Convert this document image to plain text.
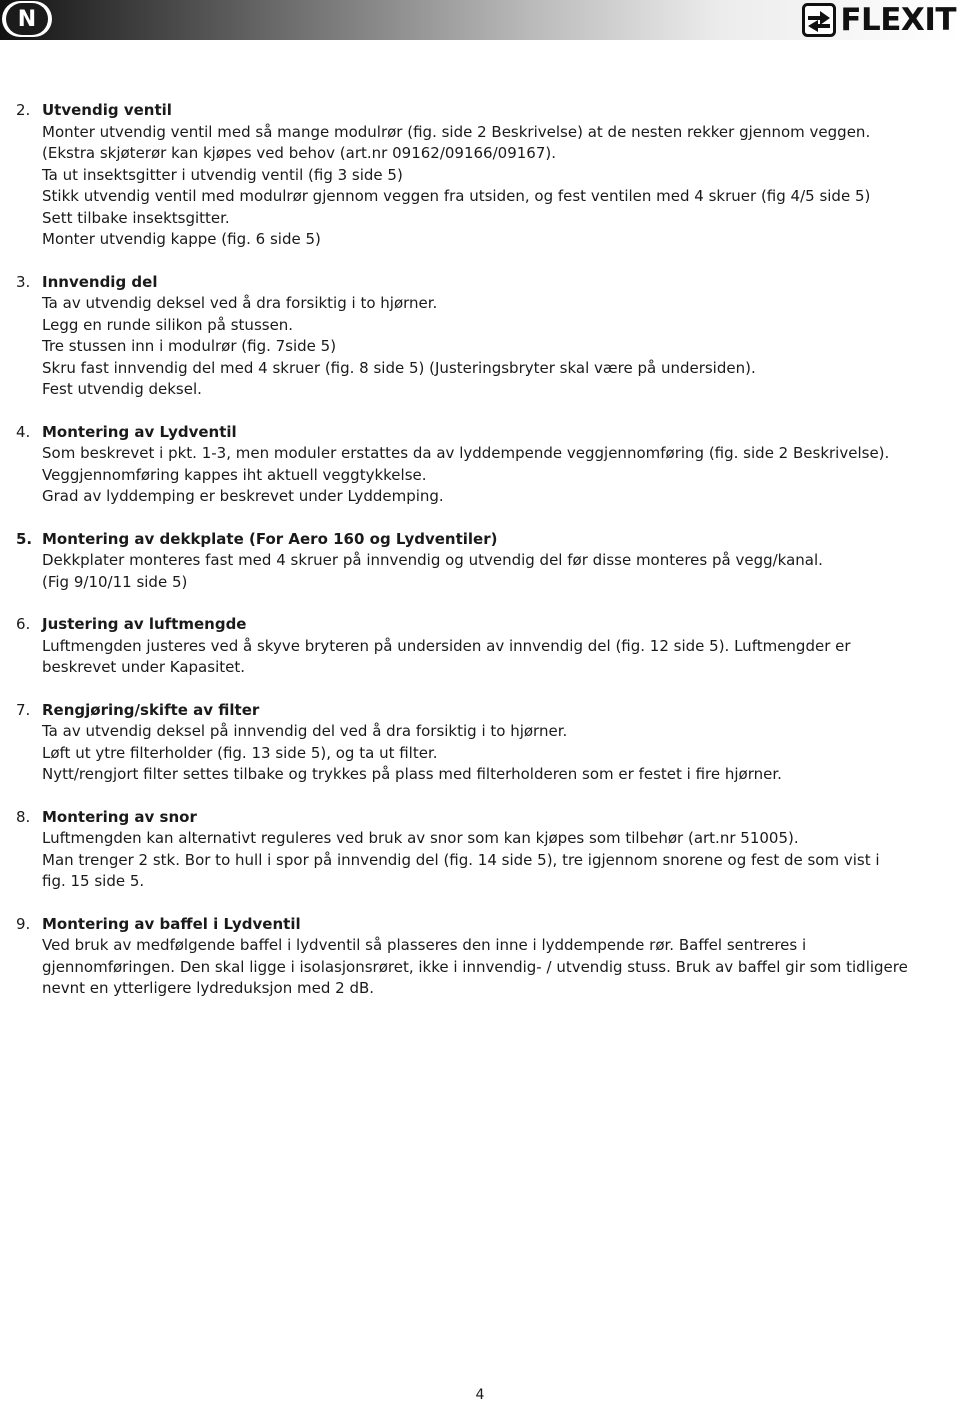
N	FLEXIT
2. Utvendig ventil
Monter utvendig ventil med så mange modulrør (fig. side 2 Beskrivelse) at de nesten rekker gjennom veggen.
(Ekstra skjøterør kan kjøpes ved behov (art.nr 09162/09166/09167).
Ta ut insektsgitter i utvendig ventil (fig 3 side 5)
Stikk utvendig ventil med modulrør gjennom veggen fra utsiden, og fest ventilen med 4 skruer (fig 4/5 side 5)
Sett tilbake insektsgitter.
Monter utvendig kappe (fig. 6 side 5)
3. Innvendig del
Ta av utvendig deksel ved å dra forsiktig i to hjørner.
Legg en runde silikon på stussen.
Tre stussen inn i modulrør (fig. 7side 5)
Skru fast innvendig del med 4 skruer (fig. 8 side 5) (Justeringsbryter skal være på undersiden).
Fest utvendig deksel.
4. Montering av Lydventil
Som beskrevet i pkt. 1-3, men moduler erstattes da av lyddempende veggjennomføring (fig. side 2 Beskrivelse).
Veggjennomføring kappes iht aktuell veggtykkelse.
Grad av lyddemping er beskrevet under Lyddemping.
5. Montering av dekkplate (For Aero 160 og Lydventiler)
Dekkplater monteres fast med 4 skruer på innvendig og utvendig del før disse monteres på vegg/kanal.
(Fig 9/10/11 side 5)
6. Justering av luftmengde
Luftmengden justeres ved å skyve bryteren på undersiden av innvendig del (fig. 12 side 5). Luftmengder er
beskrevet under Kapasitet.
7. Rengjøring/skifte av filter
Ta av utvendig deksel på innvendig del ved å dra forsiktig i to hjørner.
Løft ut ytre filterholder (fig. 13 side 5), og ta ut filter.
Nytt/rengjort filter settes tilbake og trykkes på plass med filterholderen som er festet i fire hjørner.
8. Montering av snor
Luftmengden kan alternativt reguleres ved bruk av snor som kan kjøpes som tilbehør (art.nr 51005).
Man trenger 2 stk. Bor to hull i spor på innvendig del (fig. 14 side 5), tre igjennom snorene og fest de som vist i
fig. 15 side 5.
9. Montering av baffel i Lydventil
Ved bruk av medfølgende baffel i lydventil så plasseres den inne i lyddempende rør. Baffel sentreres i
gjennomføringen. Den skal ligge i isolasjonsrøret, ikke i innvendig- / utvendig stuss. Bruk av baffel gir som tidligere
nevnt en ytterligere lydreduksjon med 2 dB.
4
